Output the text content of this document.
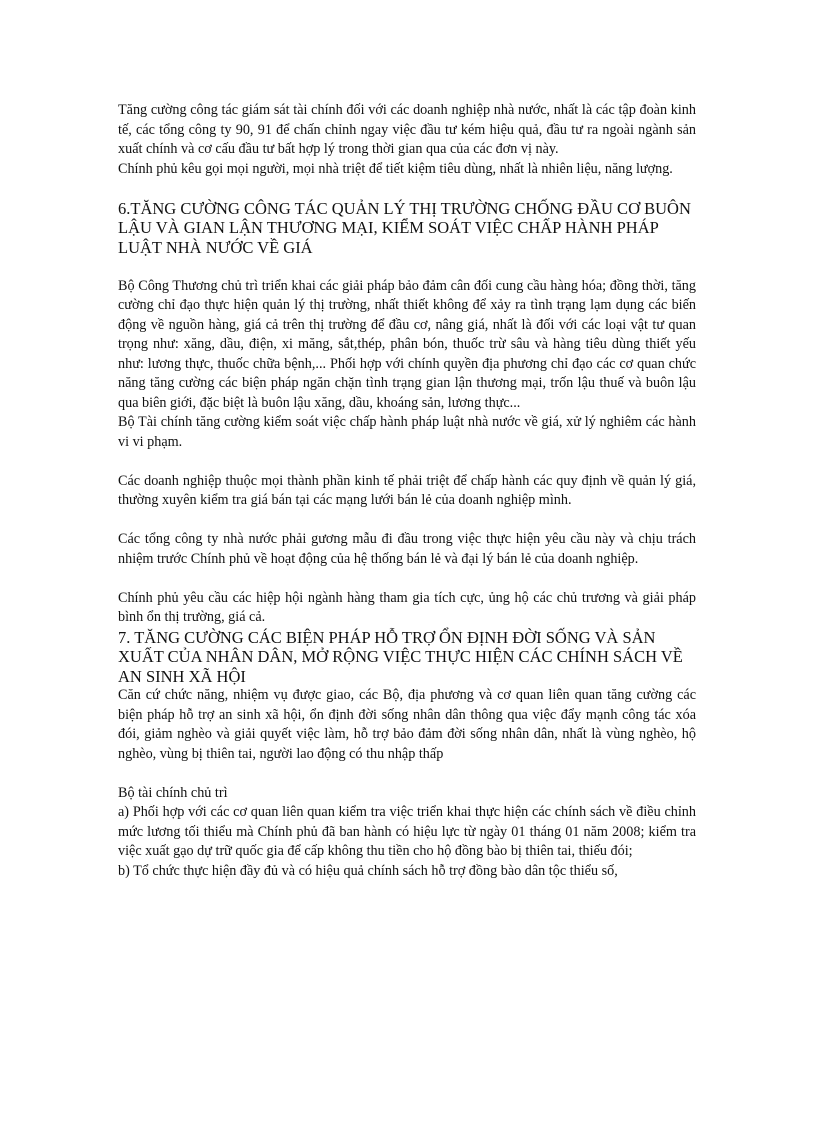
Tăng cường công tác giám sát tài chính đối với các doanh nghiệp nhà nước, nhất là các tập đoàn kinh tế, các tổng công ty 90, 91 để chấn chỉnh ngay việc đầu tư kém hiệu quả, đầu tư ra ngoài ngành sản xuất chính và cơ cấu đầu tư bất hợp lý trong thời gian qua của các đơn vị này.

Chính phủ kêu gọi mọi người, mọi nhà triệt để tiết kiệm tiêu dùng, nhất là nhiên liệu, năng lượng.

6.TĂNG CƯỜNG CÔNG TÁC QUẢN LÝ THỊ TRƯỜNG CHỐNG ĐẦU CƠ BUÔN LẬU VÀ GIAN LẬN THƯƠNG MẠI, KIỂM SOÁT VIỆC CHẤP HÀNH PHÁP LUẬT NHÀ NƯỚC VỀ GIÁ

Bộ Công Thương chủ trì triển khai các giải pháp bảo đảm cân đối cung cầu hàng hóa; đồng thời, tăng cường chỉ đạo thực hiện quản lý thị trường, nhất thiết không để xảy ra tình trạng lạm dụng các biến động về nguồn hàng, giá cả trên thị trường để đầu cơ, nâng giá, nhất là đối với các loại vật tư quan trọng như: xăng, dầu, điện, xi măng, sắt,thép, phân bón, thuốc trừ sâu và hàng tiêu dùng thiết yếu như: lương thực, thuốc chữa bệnh,... Phối hợp với chính quyền địa phương chỉ đạo các cơ quan chức năng tăng cường các biện pháp ngăn chặn tình trạng gian lận thương mại, trốn lậu thuế và buôn lậu qua biên giới, đặc biệt là buôn lậu xăng, dầu, khoáng sản, lương thực...

Bộ Tài chính tăng cường kiểm soát việc chấp hành pháp luật nhà nước về giá, xử lý nghiêm các hành vi vi phạm.

Các doanh nghiệp thuộc mọi thành phần kinh tế phải triệt để chấp hành các quy định về quản lý giá, thường xuyên kiểm tra giá bán tại các mạng lưới bán lẻ của doanh nghiệp mình.

Các tổng công ty nhà nước phải gương mẫu đi đầu trong việc thực hiện yêu cầu này và chịu trách nhiệm trước Chính phủ về hoạt động của hệ thống bán lẻ và đại lý bán lẻ của doanh nghiệp.

Chính phủ yêu cầu các hiệp hội ngành hàng tham gia tích cực, ủng hộ các chủ trương và giải pháp bình ổn thị trường, giá cả.

7. TĂNG CƯỜNG CÁC BIỆN PHÁP HỖ TRỢ ỔN ĐỊNH ĐỜI SỐNG VÀ SẢN XUẤT CỦA NHÂN DÂN, MỞ RỘNG VIỆC THỰC HIỆN CÁC CHÍNH SÁCH VỀ AN SINH XÃ HỘI

Căn cứ chức năng, nhiệm vụ được giao, các Bộ, địa phương và cơ quan liên quan tăng cường các biện pháp hỗ trợ an sinh xã hội, ổn định đời sống nhân dân thông qua việc đẩy mạnh công tác xóa đói, giảm nghèo và giải quyết việc làm, hỗ trợ bảo đảm đời sống nhân dân, nhất là vùng nghèo, hộ nghèo, vùng bị thiên tai, người lao động có thu nhập thấp

Bộ tài chính chủ trì

a) Phối hợp với các cơ quan liên quan kiểm tra việc triển khai thực hiện các chính sách về điều chỉnh mức lương tối thiểu mà Chính phủ đã ban hành có hiệu lực từ ngày 01 tháng 01 năm 2008; kiểm tra việc xuất gạo dự trữ quốc gia để cấp không thu tiền cho hộ đồng bào bị thiên tai, thiếu đói;

b) Tổ chức thực hiện đầy đủ và có hiệu quả chính sách hỗ trợ đồng bào dân tộc thiểu số,
